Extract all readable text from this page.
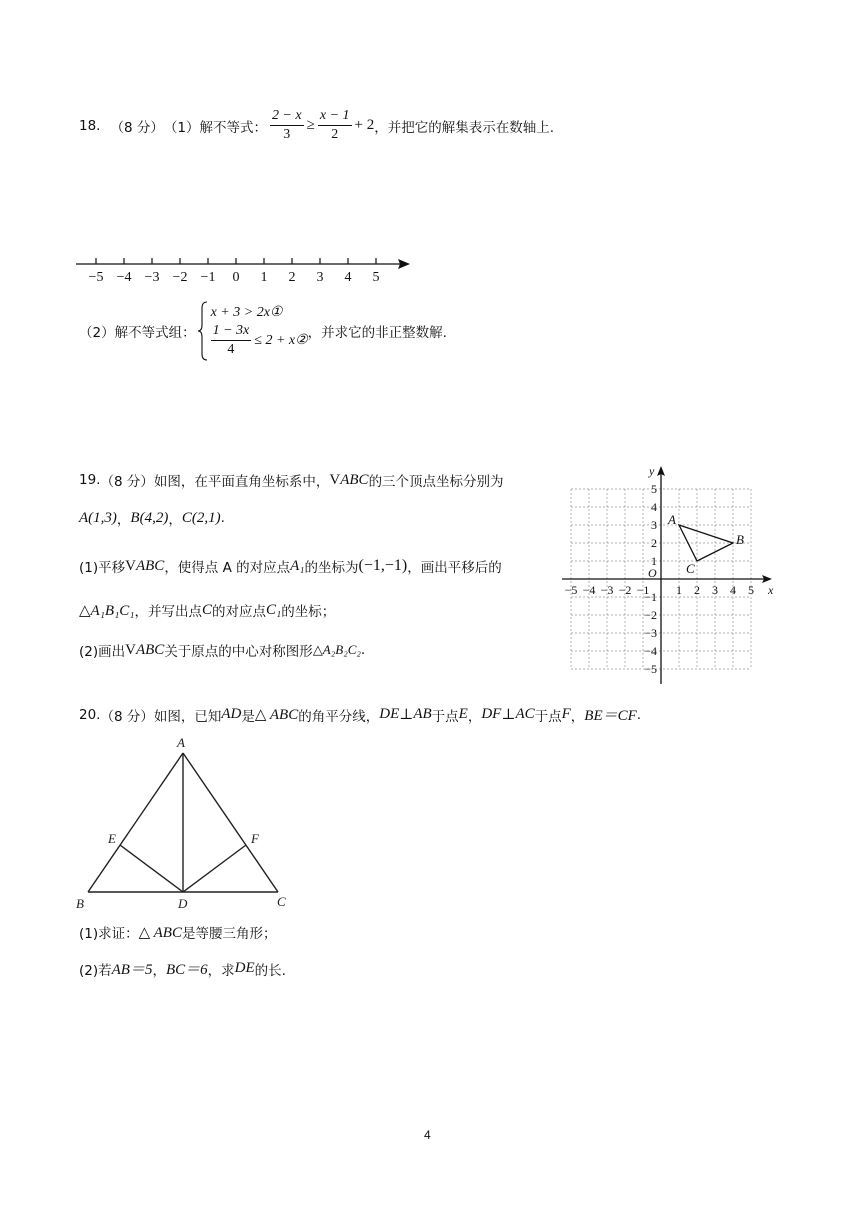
18. （8 分） （1）解不等式： $\frac{2 - x}{3} \ge \frac{x - 1}{2} + 2$ ，并把它的解集表示在数轴上.
−5 −4 −3 −2 −1 0 1 2 3 4 5
（2）解不等式组：
x + 3 > 2x①
$\frac{1 - 3x}{4} \le 2$ + x② ，并求它的非正整数解.
19. （8 分）如图，在平面直角坐标系中， V ABC 的三个顶点坐标分别为
A(1,3) ， B(4,2) ， C(2,1) .
(1)平移 V ABC ，使得点 A 的对应点 A₁ 的坐标为 (−1,−1) ，画出平移后的
△A₁B₁C₁ ，并写出点 C 的对应点 C₁ 的坐标；
(2)画出 V ABC 关于原点的中心对称图形 △A₂B₂C₂ .
−5 −4 −3 −2 −1 1 2 3 4 5
5
4
3
2
1
−1
−2
−3
−4
−5
x
y
O
A
B
C
20. （8 分）如图，已知 AD 是 △ ABC 的角平分线， DE ⊥ AB 于点 E ， DF ⊥ AC 于点 F ， BE＝CF .
A
B	C
D
E	F
(1)求证： △ ABC 是等腰三角形；
(2)若 AB＝5 ， BC＝6 ，求 DE 的长.
4
